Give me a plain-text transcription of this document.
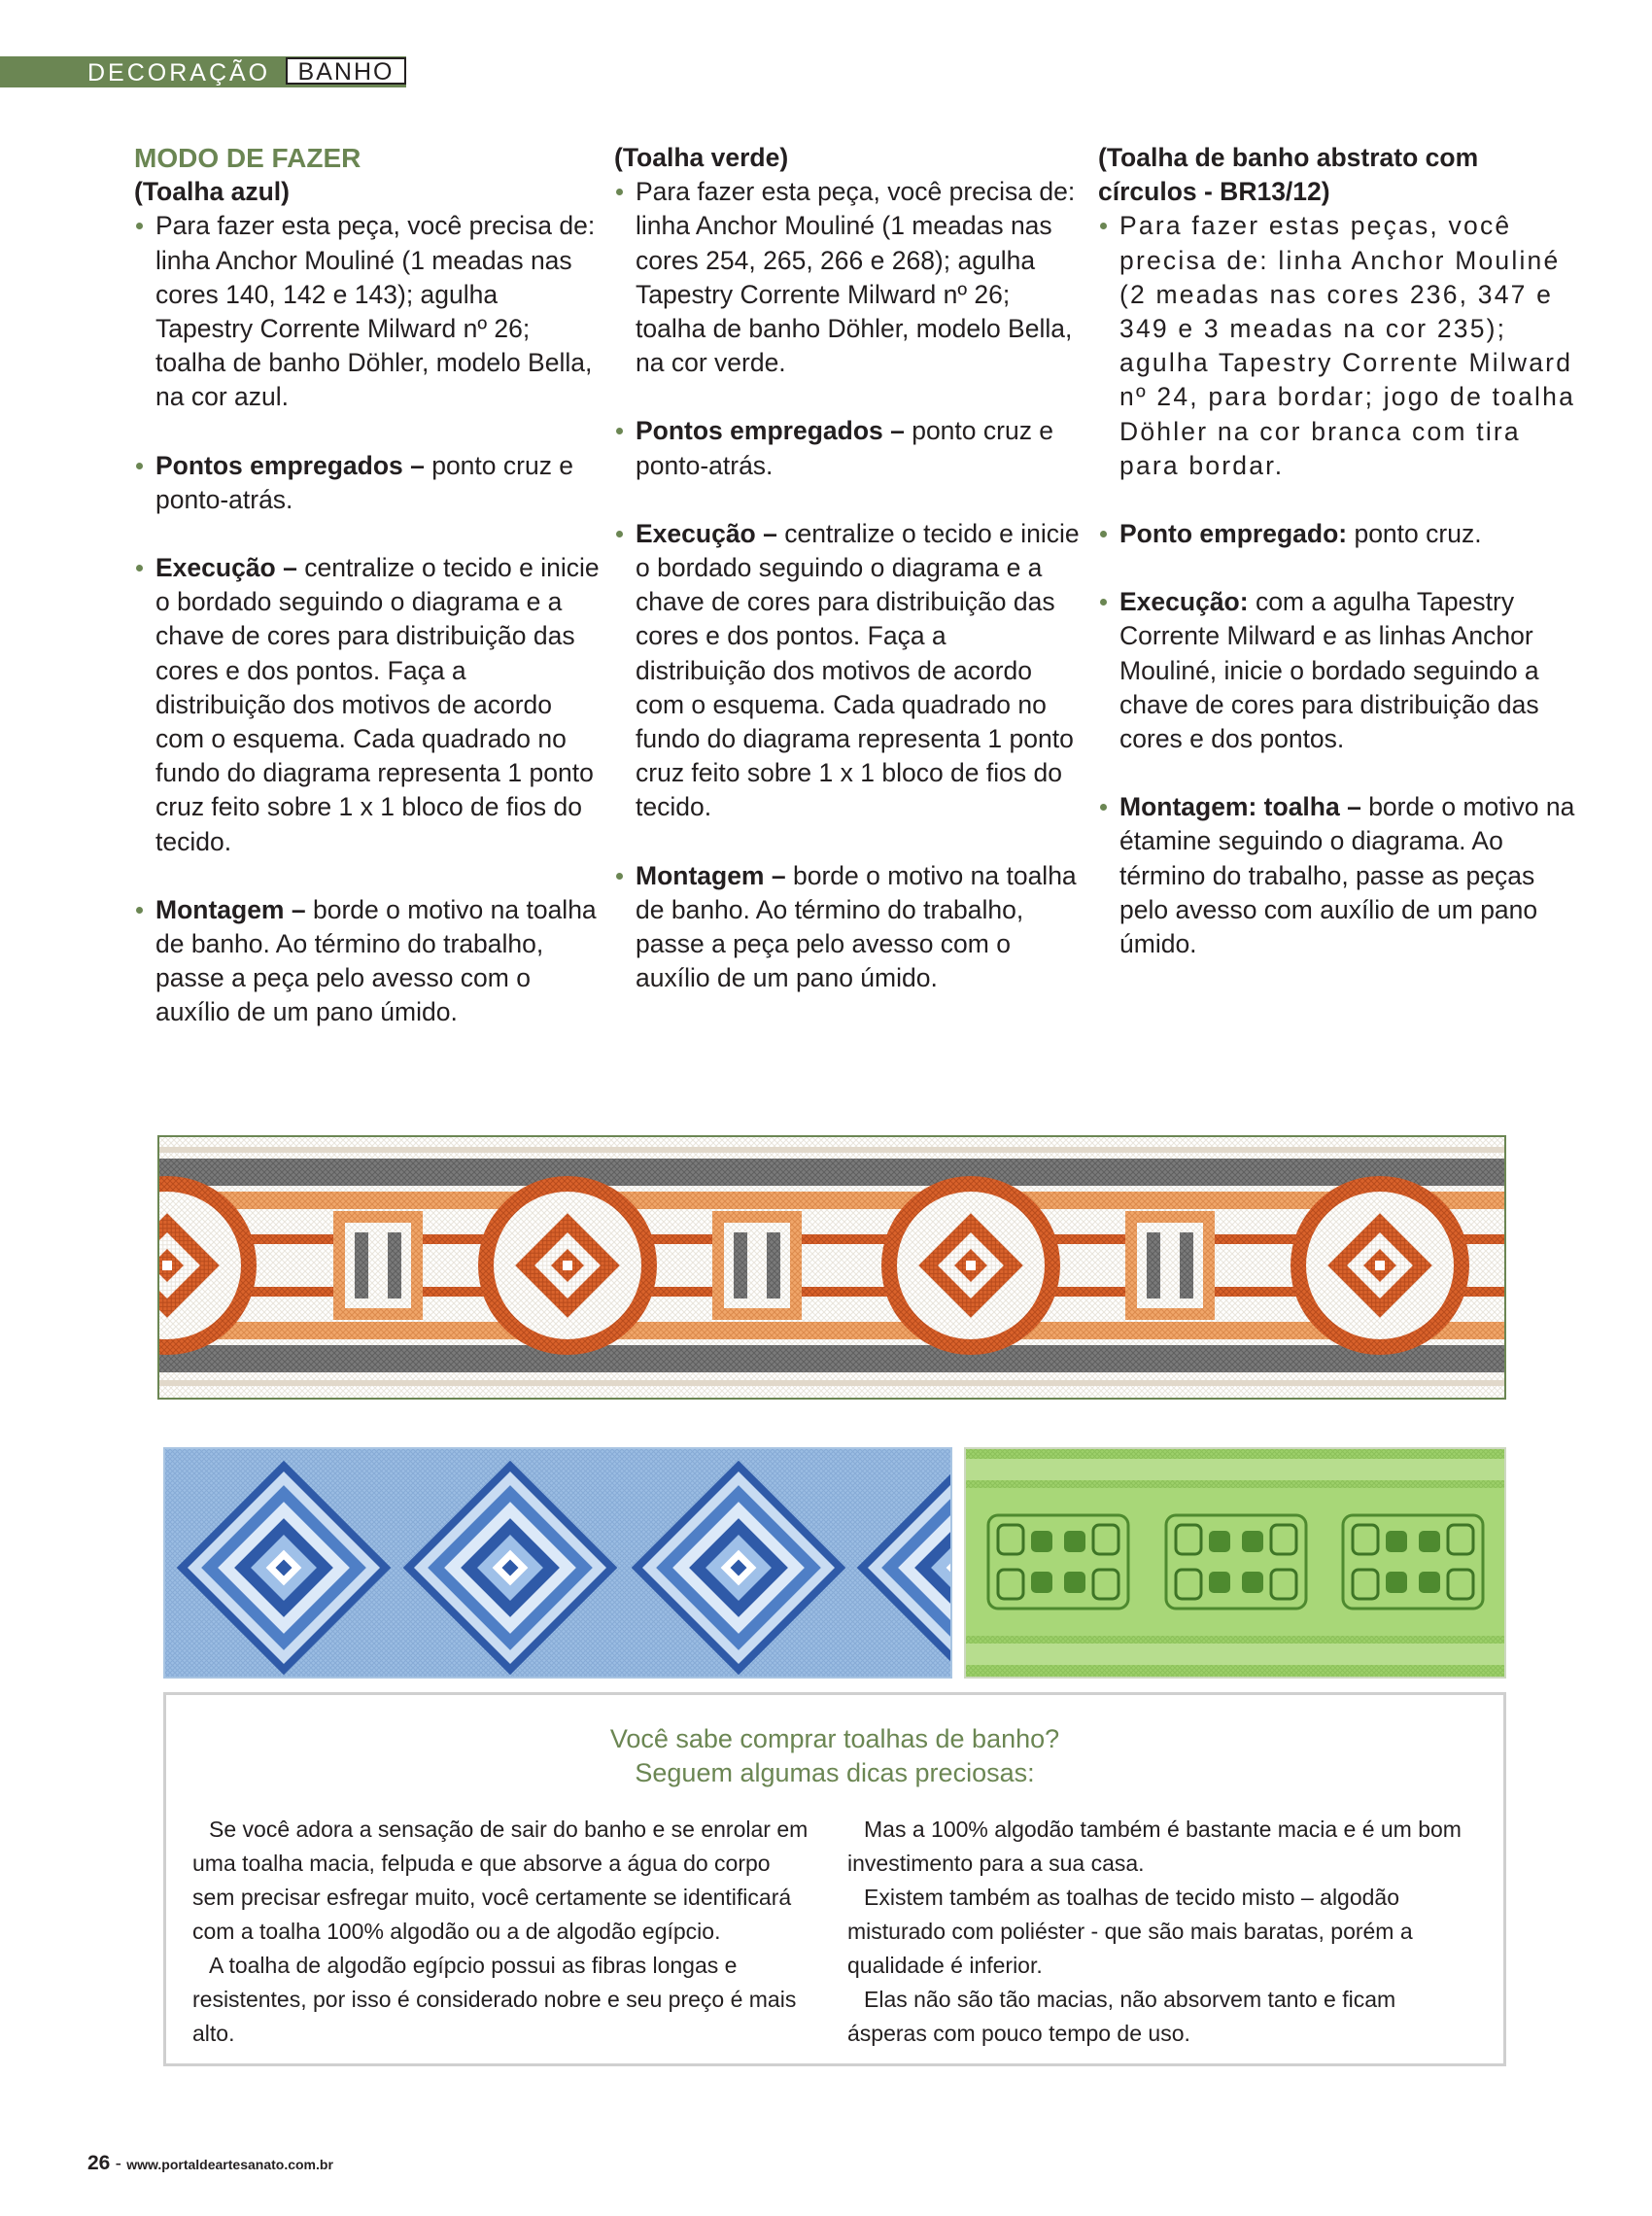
DECORAÇÃO	BANHO
MODO DE FAZER
(Toalha azul)
Para fazer esta peça, você precisa de: linha Anchor Mouliné (1 meadas nas cores 140, 142 e 143); agulha Tapestry Corrente Milward nº 26; toalha de banho Döhler, modelo Bella, na cor azul.
Pontos empregados – ponto cruz e ponto-atrás.
Execução – centralize o tecido e inicie o bordado seguindo o diagrama e a chave de cores para distribuição das cores e dos pontos. Faça a distribuição dos motivos de acordo com o esquema. Cada quadrado no fundo do diagrama representa 1 ponto cruz feito sobre 1 x 1 bloco de fios do tecido.
Montagem – borde o motivo na toalha de banho. Ao término do trabalho, passe a peça pelo avesso com o auxílio de um pano úmido.
(Toalha verde)
Para fazer esta peça, você precisa de: linha Anchor Mouliné (1 meadas nas cores 254, 265, 266 e 268); agulha Tapestry Corrente Milward nº 26; toalha de banho Döhler, modelo Bella, na cor verde.
Pontos empregados – ponto cruz e ponto-atrás.
Execução – centralize o tecido e inicie o bordado seguindo o diagrama e a chave de cores para distribuição das cores e dos pontos. Faça a distribuição dos motivos de acordo com o esquema. Cada quadrado no fundo do diagrama representa 1 ponto cruz feito sobre 1 x 1 bloco de fios do tecido.
Montagem – borde o motivo na toalha de banho. Ao término do trabalho, passe a peça pelo avesso com o auxílio de um pano úmido.
(Toalha de banho abstrato com círculos - BR13/12)
Para fazer estas peças, você precisa de: linha Anchor Mouliné (2 meadas nas cores 236, 347 e 349 e 3 meadas na cor 235); agulha Tapestry Corrente Milward nº 24, para bordar; jogo de toalha Döhler na cor branca com tira para bordar.
Ponto empregado: ponto cruz.
Execução: com a agulha Tapestry Corrente Milward e as linhas Anchor Mouliné, inicie o bordado seguindo a chave de cores para distribuição das cores e dos pontos.
Montagem: toalha – borde o motivo na étamine seguindo o diagrama. Ao término do trabalho, passe as peças pelo avesso com auxílio de um pano úmido.
Você sabe comprar toalhas de banho?
Seguem algumas dicas preciosas:

Se você adora a sensação de sair do banho e se enrolar em uma toalha macia, felpuda e que absorve a água do corpo sem precisar esfregar muito, você certamente se identificará com a toalha 100% algodão ou a de algodão egípcio.

A toalha de algodão egípcio possui as fibras longas e resistentes, por isso é considerado nobre e seu preço é mais alto.

Mas a 100% algodão também é bastante macia e é um bom investimento para a sua casa.

Existem também as toalhas de tecido misto – algodão misturado com poliéster - que são mais baratas, porém a qualidade é inferior.

Elas não são tão macias, não absorvem tanto e ficam ásperas com pouco tempo de uso.

26 - www.portaldeartesanato.com.br
